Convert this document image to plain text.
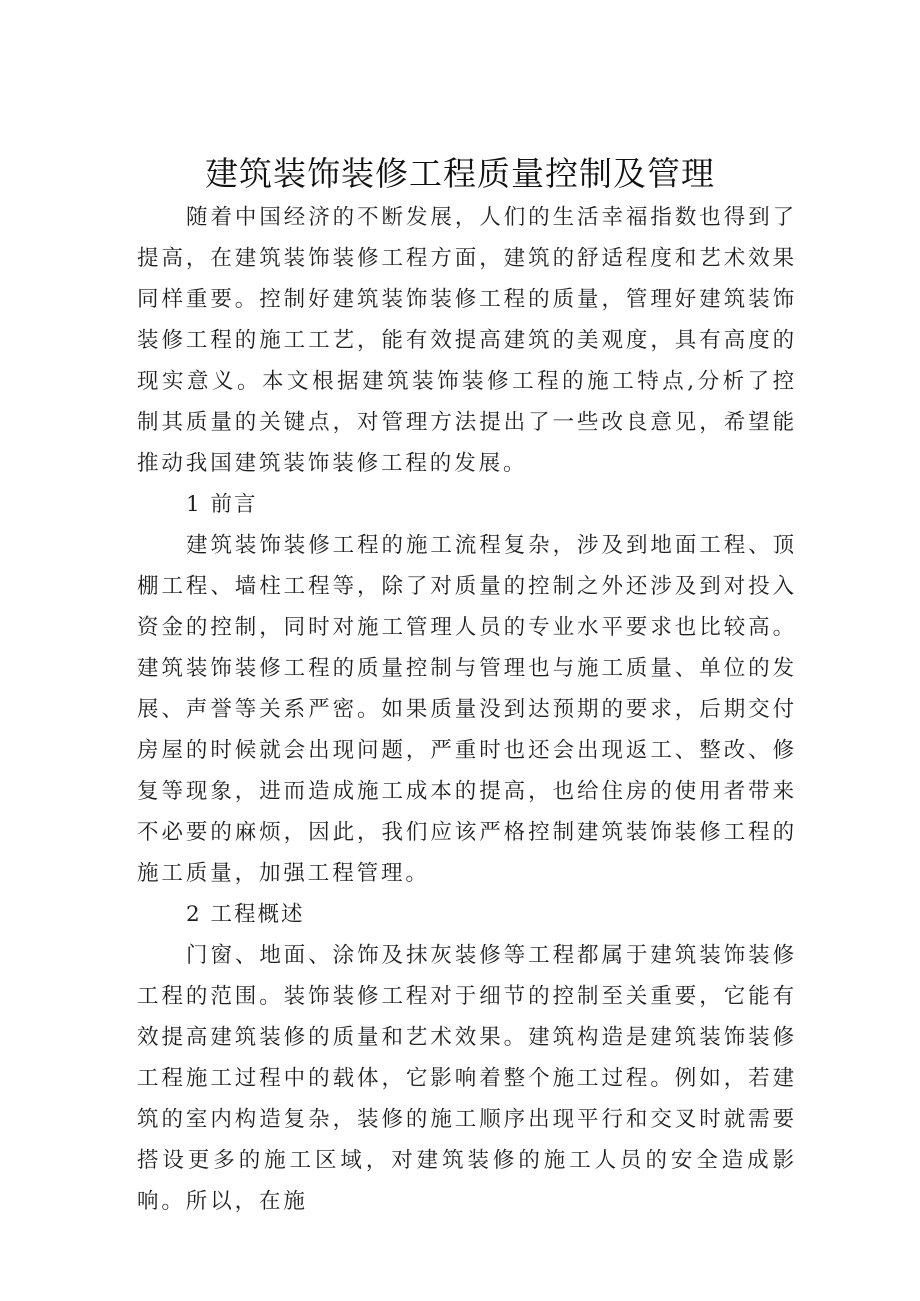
建筑装饰装修工程质量控制及管理

随着中国经济的不断发展，人们的生活幸福指数也得到了提高，在建筑装饰装修工程方面，建筑的舒适程度和艺术效果同样重要。控制好建筑装饰装修工程的质量，管理好建筑装饰装修工程的施工工艺，能有效提高建筑的美观度，具有高度的现实意义。本文根据建筑装饰装修工程的施工特点,分析了控制其质量的关键点，对管理方法提出了一些改良意见，希望能推动我国建筑装饰装修工程的发展。

1 前言

建筑装饰装修工程的施工流程复杂，涉及到地面工程、顶棚工程、墙柱工程等，除了对质量的控制之外还涉及到对投入资金的控制，同时对施工管理人员的专业水平要求也比较高。建筑装饰装修工程的质量控制与管理也与施工质量、单位的发展、声誉等关系严密。如果质量没到达预期的要求，后期交付房屋的时候就会出现问题，严重时也还会出现返工、整改、修复等现象，进而造成施工成本的提高，也给住房的使用者带来不必要的麻烦，因此，我们应该严格控制建筑装饰装修工程的施工质量，加强工程管理。

2 工程概述

门窗、地面、涂饰及抹灰装修等工程都属于建筑装饰装修工程的范围。装饰装修工程对于细节的控制至关重要，它能有效提高建筑装修的质量和艺术效果。建筑构造是建筑装饰装修工程施工过程中的载体，它影响着整个施工过程。例如，若建筑的室内构造复杂，装修的施工顺序出现平行和交叉时就需要搭设更多的施工区域，对建筑装修的施工人员的安全造成影响。所以，在施
